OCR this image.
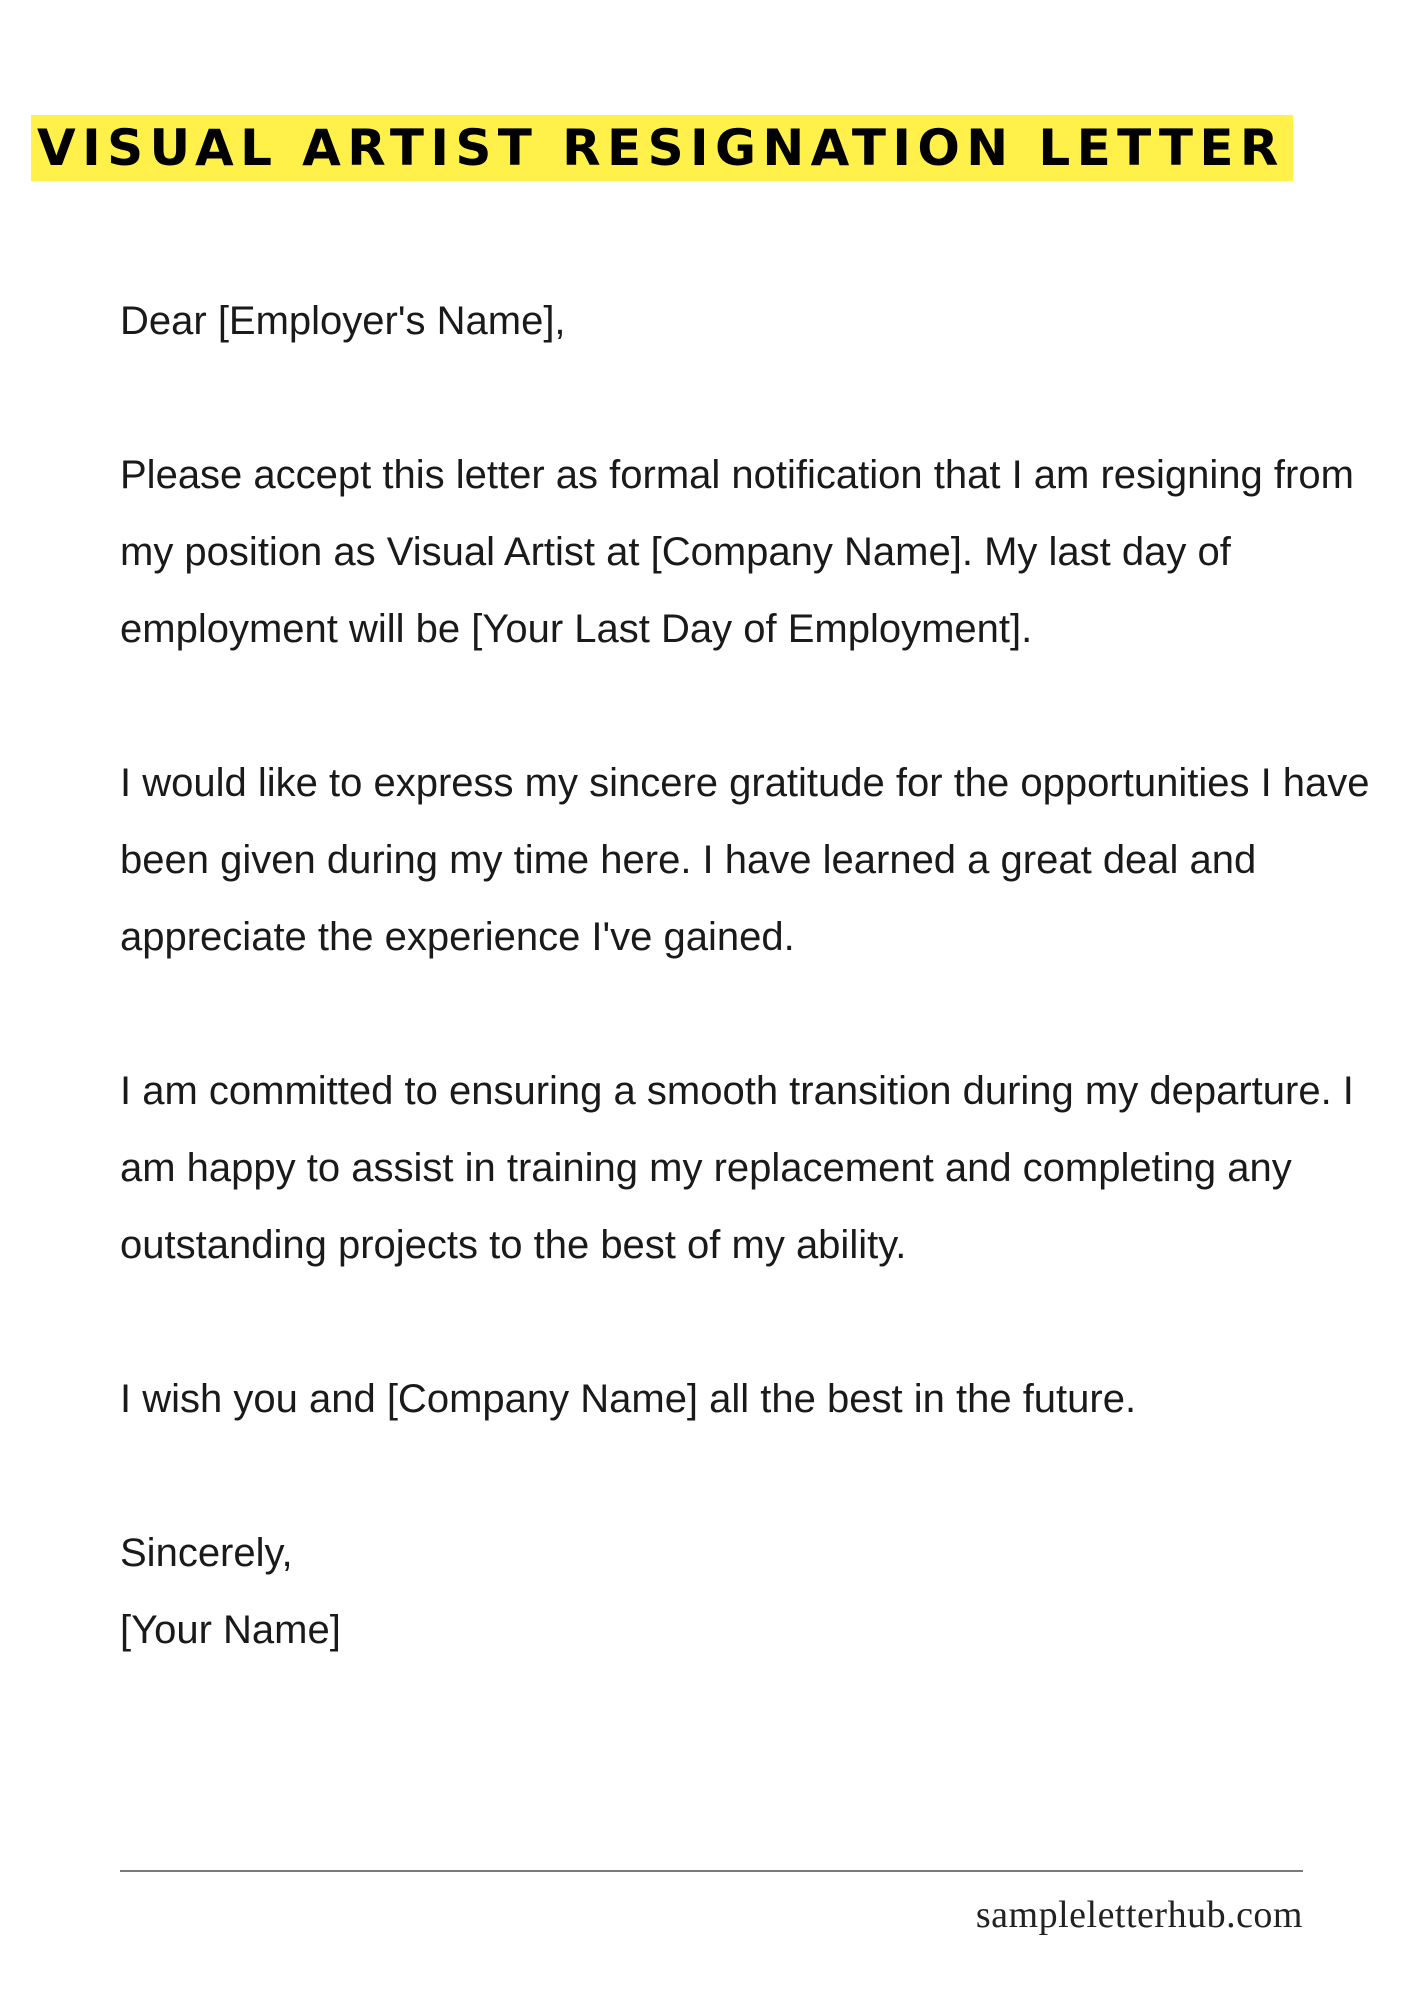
VISUAL ARTIST RESIGNATION LETTER

Dear [Employer's Name],

Please accept this letter as formal notification that I am resigning from my position as Visual Artist at [Company Name]. My last day of employment will be [Your Last Day of Employment].

I would like to express my sincere gratitude for the opportunities I have been given during my time here. I have learned a great deal and appreciate the experience I've gained.

I am committed to ensuring a smooth transition during my departure. I am happy to assist in training my replacement and completing any outstanding projects to the best of my ability.

I wish you and [Company Name] all the best in the future.

Sincerely,

[Your Name]

sampleletterhub.com
